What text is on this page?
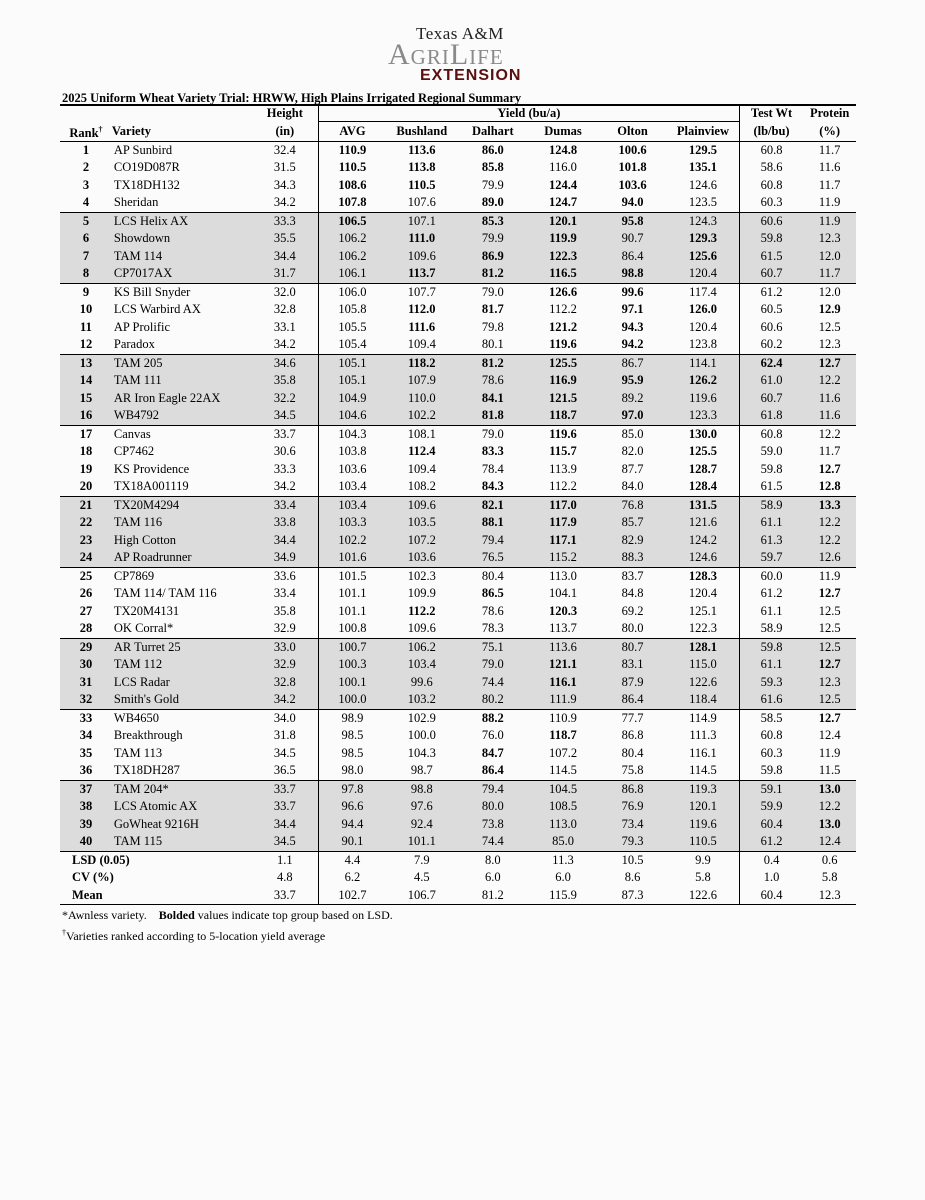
Texas A&M
AgriLife
EXTENSION
2025 Uniform Wheat Variety Trial: HRWW, High Plains Irrigated Regional Summary
		Height	Yield (bu/a)						Test Wt	Protein
Rank†	Variety	(in)	AVG	Bushland	Dalhart	Dumas	Olton	Plainview	(lb/bu)	(%)
1	AP Sunbird	32.4	110.9	113.6	86.0	124.8	100.6	129.5	60.8	11.7
2	CO19D087R	31.5	110.5	113.8	85.8	116.0	101.8	135.1	58.6	11.6
3	TX18DH132	34.3	108.6	110.5	79.9	124.4	103.6	124.6	60.8	11.7
4	Sheridan	34.2	107.8	107.6	89.0	124.7	94.0	123.5	60.3	11.9
5	LCS Helix AX	33.3	106.5	107.1	85.3	120.1	95.8	124.3	60.6	11.9
6	Showdown	35.5	106.2	111.0	79.9	119.9	90.7	129.3	59.8	12.3
7	TAM 114	34.4	106.2	109.6	86.9	122.3	86.4	125.6	61.5	12.0
8	CP7017AX	31.7	106.1	113.7	81.2	116.5	98.8	120.4	60.7	11.7
9	KS Bill Snyder	32.0	106.0	107.7	79.0	126.6	99.6	117.4	61.2	12.0
10	LCS Warbird AX	32.8	105.8	112.0	81.7	112.2	97.1	126.0	60.5	12.9
11	AP Prolific	33.1	105.5	111.6	79.8	121.2	94.3	120.4	60.6	12.5
12	Paradox	34.2	105.4	109.4	80.1	119.6	94.2	123.8	60.2	12.3
13	TAM 205	34.6	105.1	118.2	81.2	125.5	86.7	114.1	62.4	12.7
14	TAM 111	35.8	105.1	107.9	78.6	116.9	95.9	126.2	61.0	12.2
15	AR Iron Eagle 22AX	32.2	104.9	110.0	84.1	121.5	89.2	119.6	60.7	11.6
16	WB4792	34.5	104.6	102.2	81.8	118.7	97.0	123.3	61.8	11.6
17	Canvas	33.7	104.3	108.1	79.0	119.6	85.0	130.0	60.8	12.2
18	CP7462	30.6	103.8	112.4	83.3	115.7	82.0	125.5	59.0	11.7
19	KS Providence	33.3	103.6	109.4	78.4	113.9	87.7	128.7	59.8	12.7
20	TX18A001119	34.2	103.4	108.2	84.3	112.2	84.0	128.4	61.5	12.8
21	TX20M4294	33.4	103.4	109.6	82.1	117.0	76.8	131.5	58.9	13.3
22	TAM 116	33.8	103.3	103.5	88.1	117.9	85.7	121.6	61.1	12.2
23	High Cotton	34.4	102.2	107.2	79.4	117.1	82.9	124.2	61.3	12.2
24	AP Roadrunner	34.9	101.6	103.6	76.5	115.2	88.3	124.6	59.7	12.6
25	CP7869	33.6	101.5	102.3	80.4	113.0	83.7	128.3	60.0	11.9
26	TAM 114/ TAM 116	33.4	101.1	109.9	86.5	104.1	84.8	120.4	61.2	12.7
27	TX20M4131	35.8	101.1	112.2	78.6	120.3	69.2	125.1	61.1	12.5
28	OK Corral*	32.9	100.8	109.6	78.3	113.7	80.0	122.3	58.9	12.5
29	AR Turret 25	33.0	100.7	106.2	75.1	113.6	80.7	128.1	59.8	12.5
30	TAM 112	32.9	100.3	103.4	79.0	121.1	83.1	115.0	61.1	12.7
31	LCS Radar	32.8	100.1	99.6	74.4	116.1	87.9	122.6	59.3	12.3
32	Smith's Gold	34.2	100.0	103.2	80.2	111.9	86.4	118.4	61.6	12.5
33	WB4650	34.0	98.9	102.9	88.2	110.9	77.7	114.9	58.5	12.7
34	Breakthrough	31.8	98.5	100.0	76.0	118.7	86.8	111.3	60.8	12.4
35	TAM 113	34.5	98.5	104.3	84.7	107.2	80.4	116.1	60.3	11.9
36	TX18DH287	36.5	98.0	98.7	86.4	114.5	75.8	114.5	59.8	11.5
37	TAM 204*	33.7	97.8	98.8	79.4	104.5	86.8	119.3	59.1	13.0
38	LCS Atomic AX	33.7	96.6	97.6	80.0	108.5	76.9	120.1	59.9	12.2
39	GoWheat 9216H	34.4	94.4	92.4	73.8	113.0	73.4	119.6	60.4	13.0
40	TAM 115	34.5	90.1	101.1	74.4	85.0	79.3	110.5	61.2	12.4
LSD (0.05)		1.1	4.4	7.9	8.0	11.3	10.5	9.9	0.4	0.6
CV (%)		4.8	6.2	4.5	6.0	6.0	8.6	5.8	1.0	5.8
Mean		33.7	102.7	106.7	81.2	115.9	87.3	122.6	60.4	12.3
*Awnless variety. Bolded values indicate top group based on LSD.
†Varieties ranked according to 5-location yield average
